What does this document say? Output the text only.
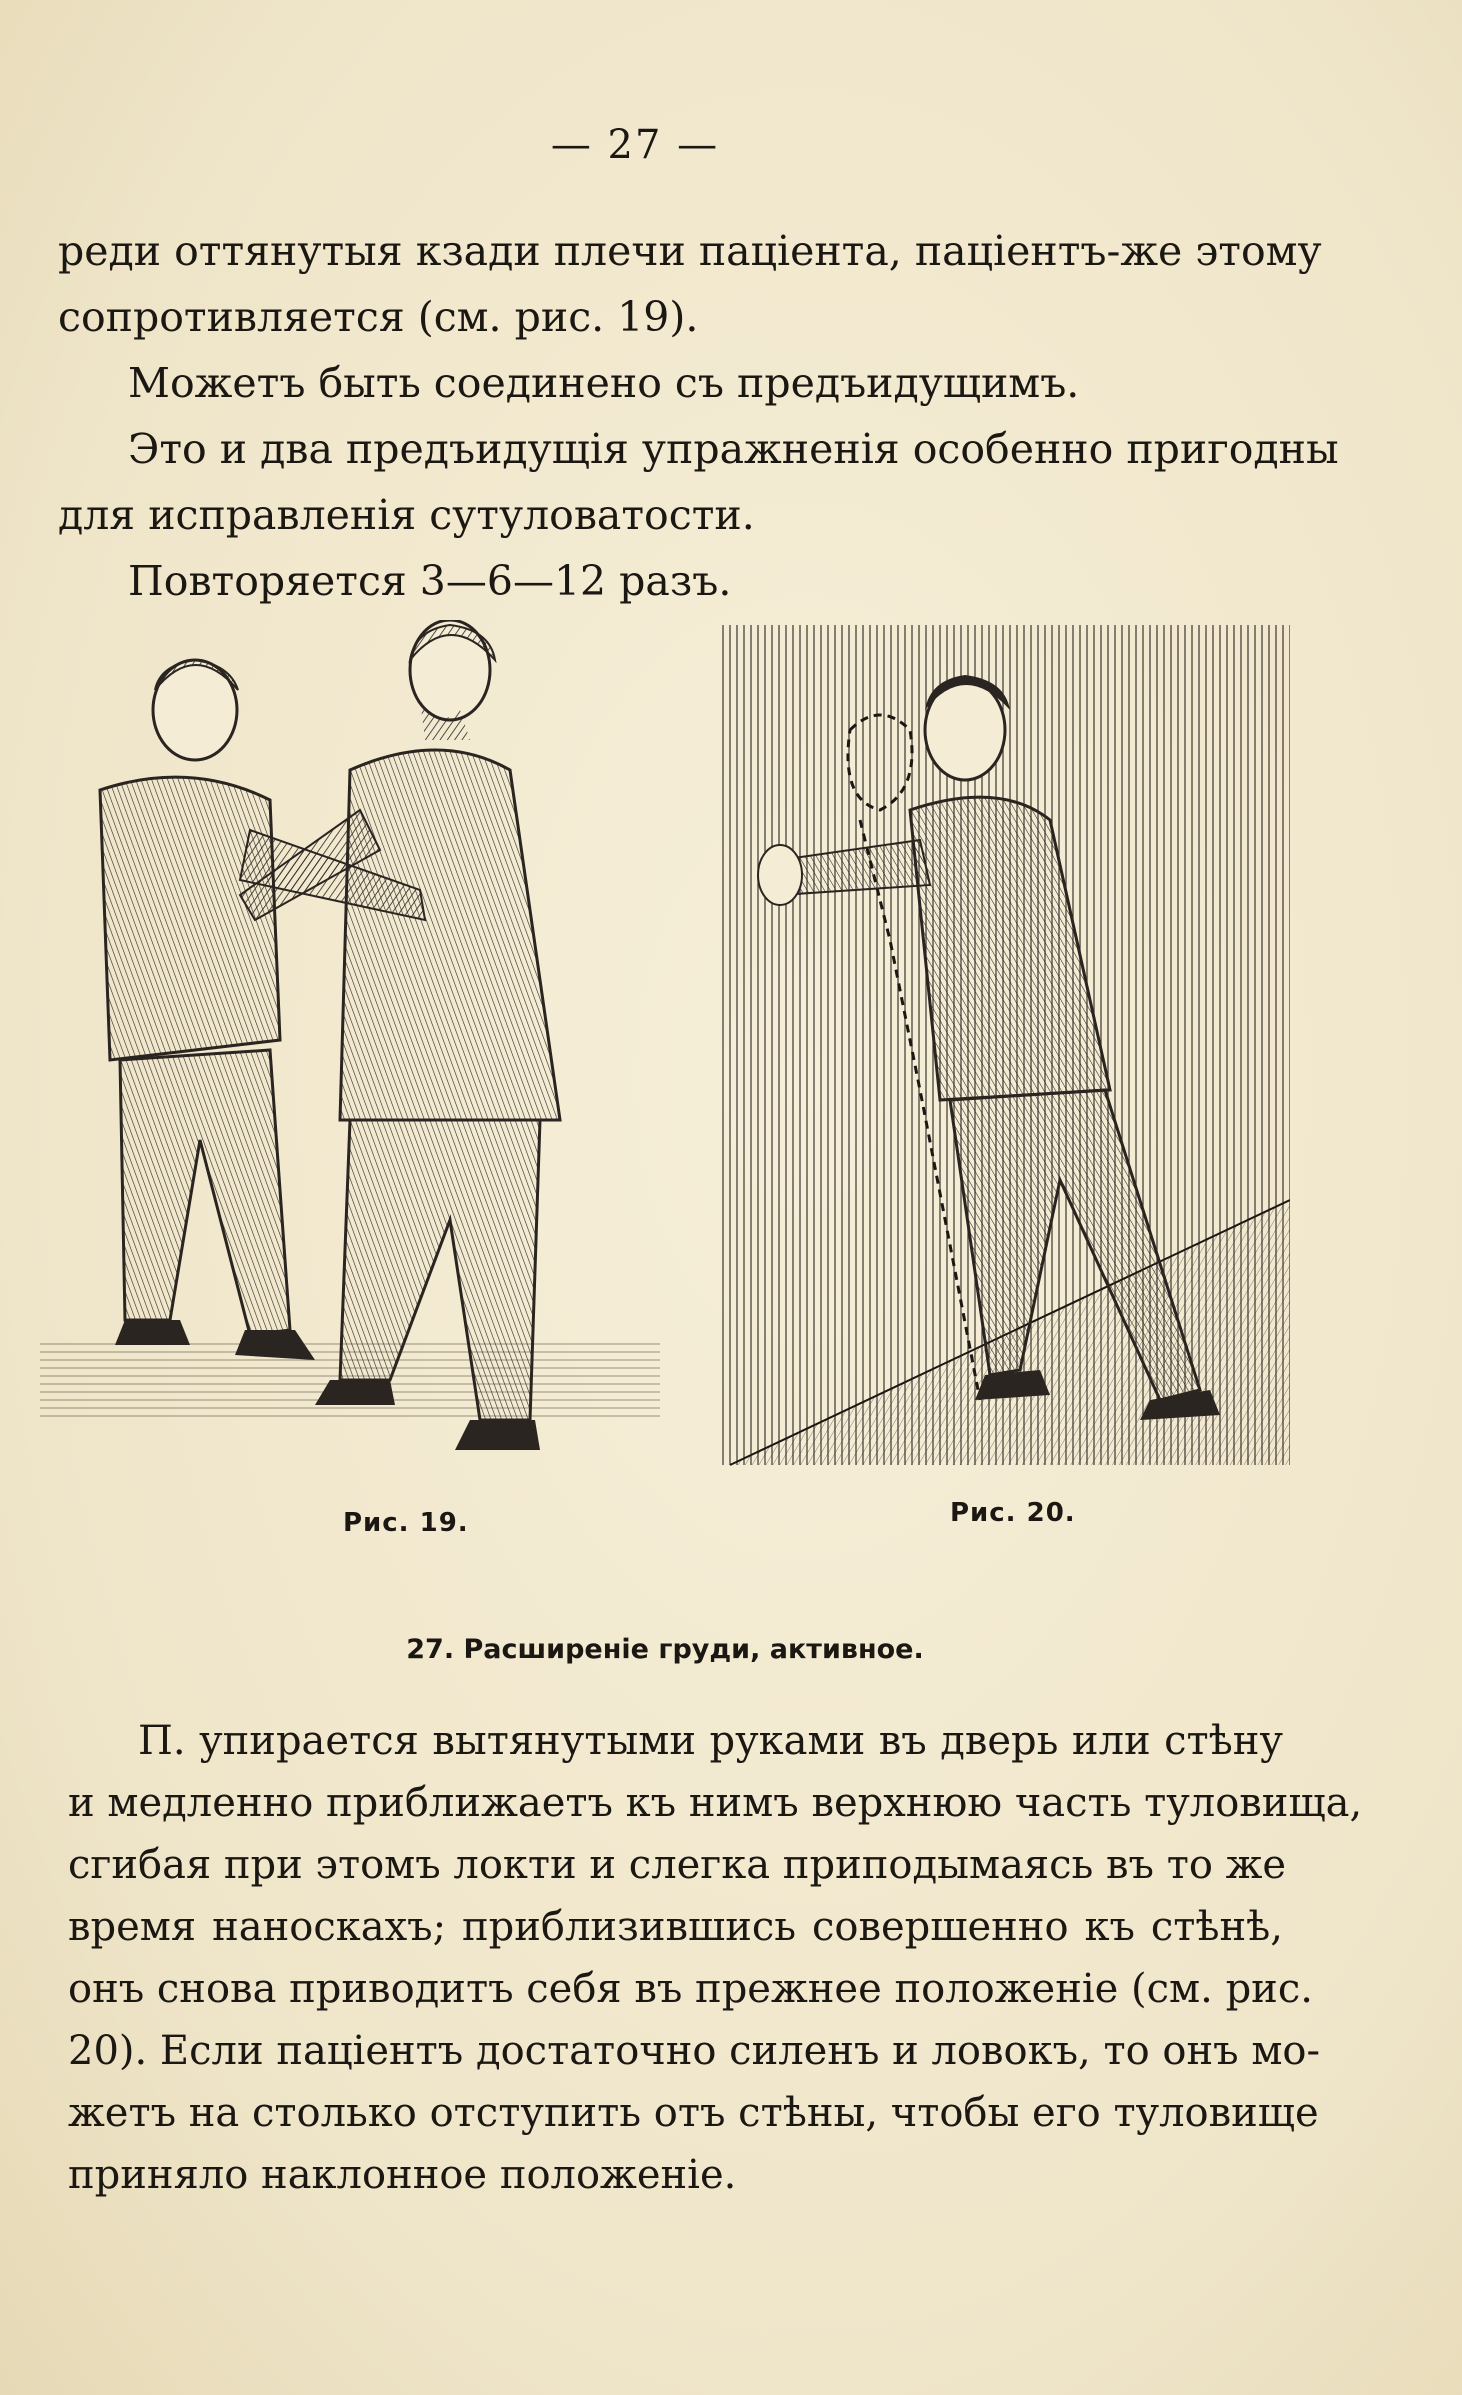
— 27 —
реди оттянутыя кзади плечи паціента, паціентъ-же этому
сопротивляется (см. рис. 19).
Можетъ быть соединено съ предъидущимъ.
Это и два предъидущія упражненія особенно пригодны
для исправленія сутуловатости.
Повторяется 3—6—12 разъ.
Рис. 19.	Рис. 20.
27. Расширеніе груди, активное.
П. упирается вытянутыми руками въ дверь или стѣну
и медленно приближаетъ къ нимъ верхнюю часть туловища,
сгибая при этомъ локти и слегка приподымаясь въ то же
время наноскахъ; приблизившись совершенно къ стѣнѣ,
онъ снова приводитъ себя въ прежнее положеніе (см. рис.
20). Если паціентъ достаточно силенъ и ловокъ, то онъ мо-
жетъ на столько отступить отъ стѣны, чтобы его туловище
приняло наклонное положеніе.
